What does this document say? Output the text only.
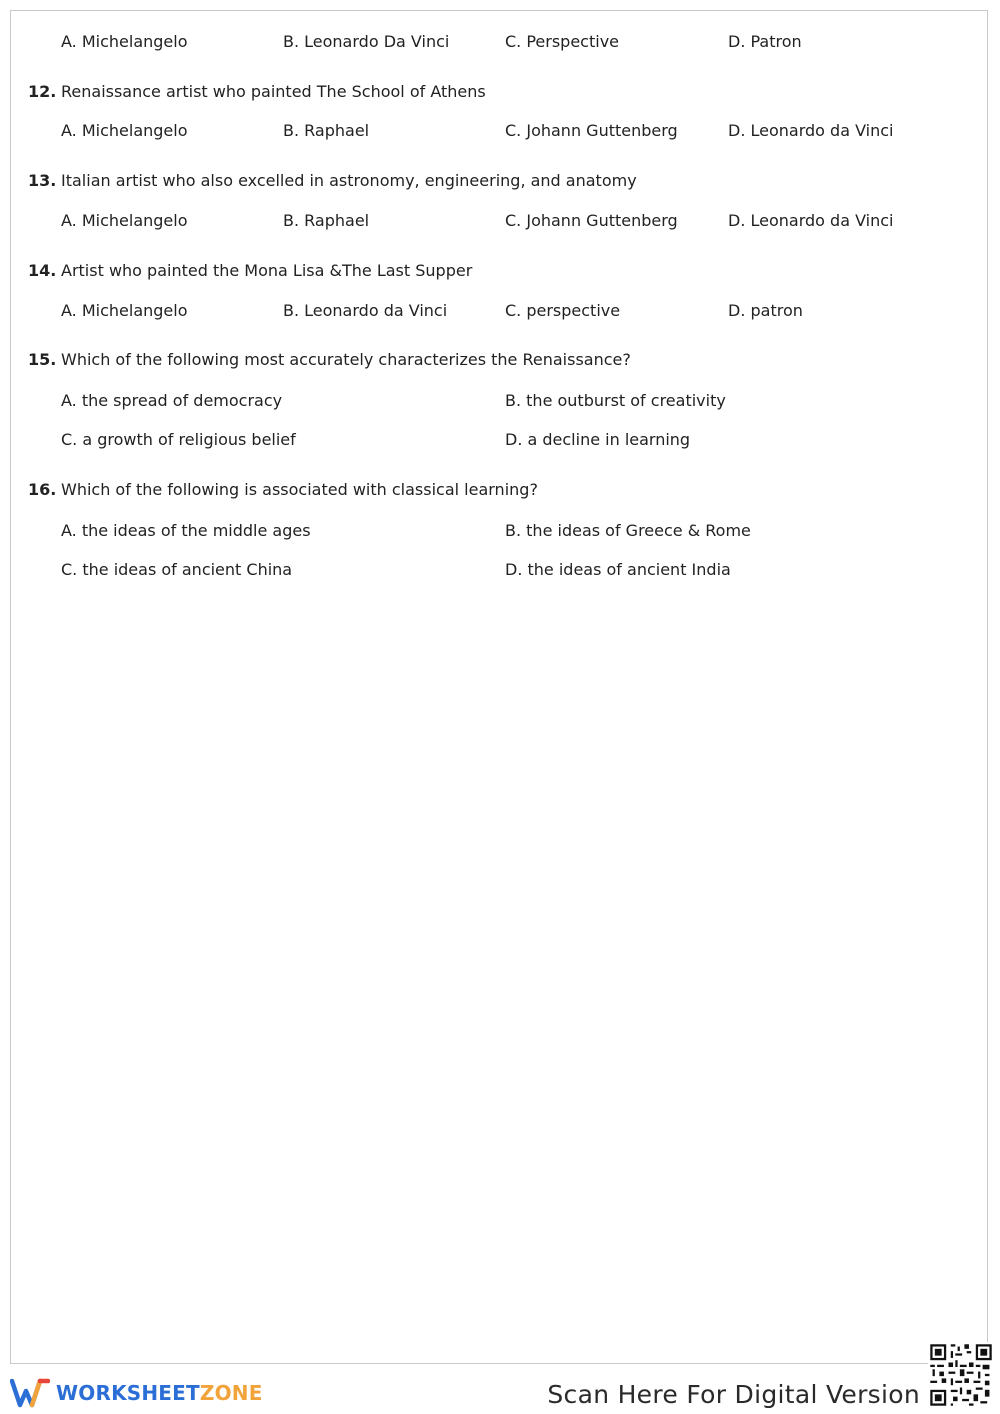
A. Michelangelo	B. Leonardo Da Vinci	C. Perspective	D. Patron
12. Renaissance artist who painted The School of Athens
A. Michelangelo	B. Raphael	C. Johann Guttenberg	D. Leonardo da Vinci
13. Italian artist who also excelled in astronomy, engineering, and anatomy
A. Michelangelo	B. Raphael	C. Johann Guttenberg	D. Leonardo da Vinci
14. Artist who painted the Mona Lisa &The Last Supper
A. Michelangelo	B. Leonardo da Vinci	C. perspective	D. patron
15. Which of the following most accurately characterizes the Renaissance?
A. the spread of democracy	B. the outburst of creativity
C. a growth of religious belief	D. a decline in learning
16. Which of the following is associated with classical learning?
A. the ideas of the middle ages	B. the ideas of Greece & Rome
C. the ideas of ancient China	D. the ideas of ancient India
WORKSHEETZONE	Scan Here For Digital Version
